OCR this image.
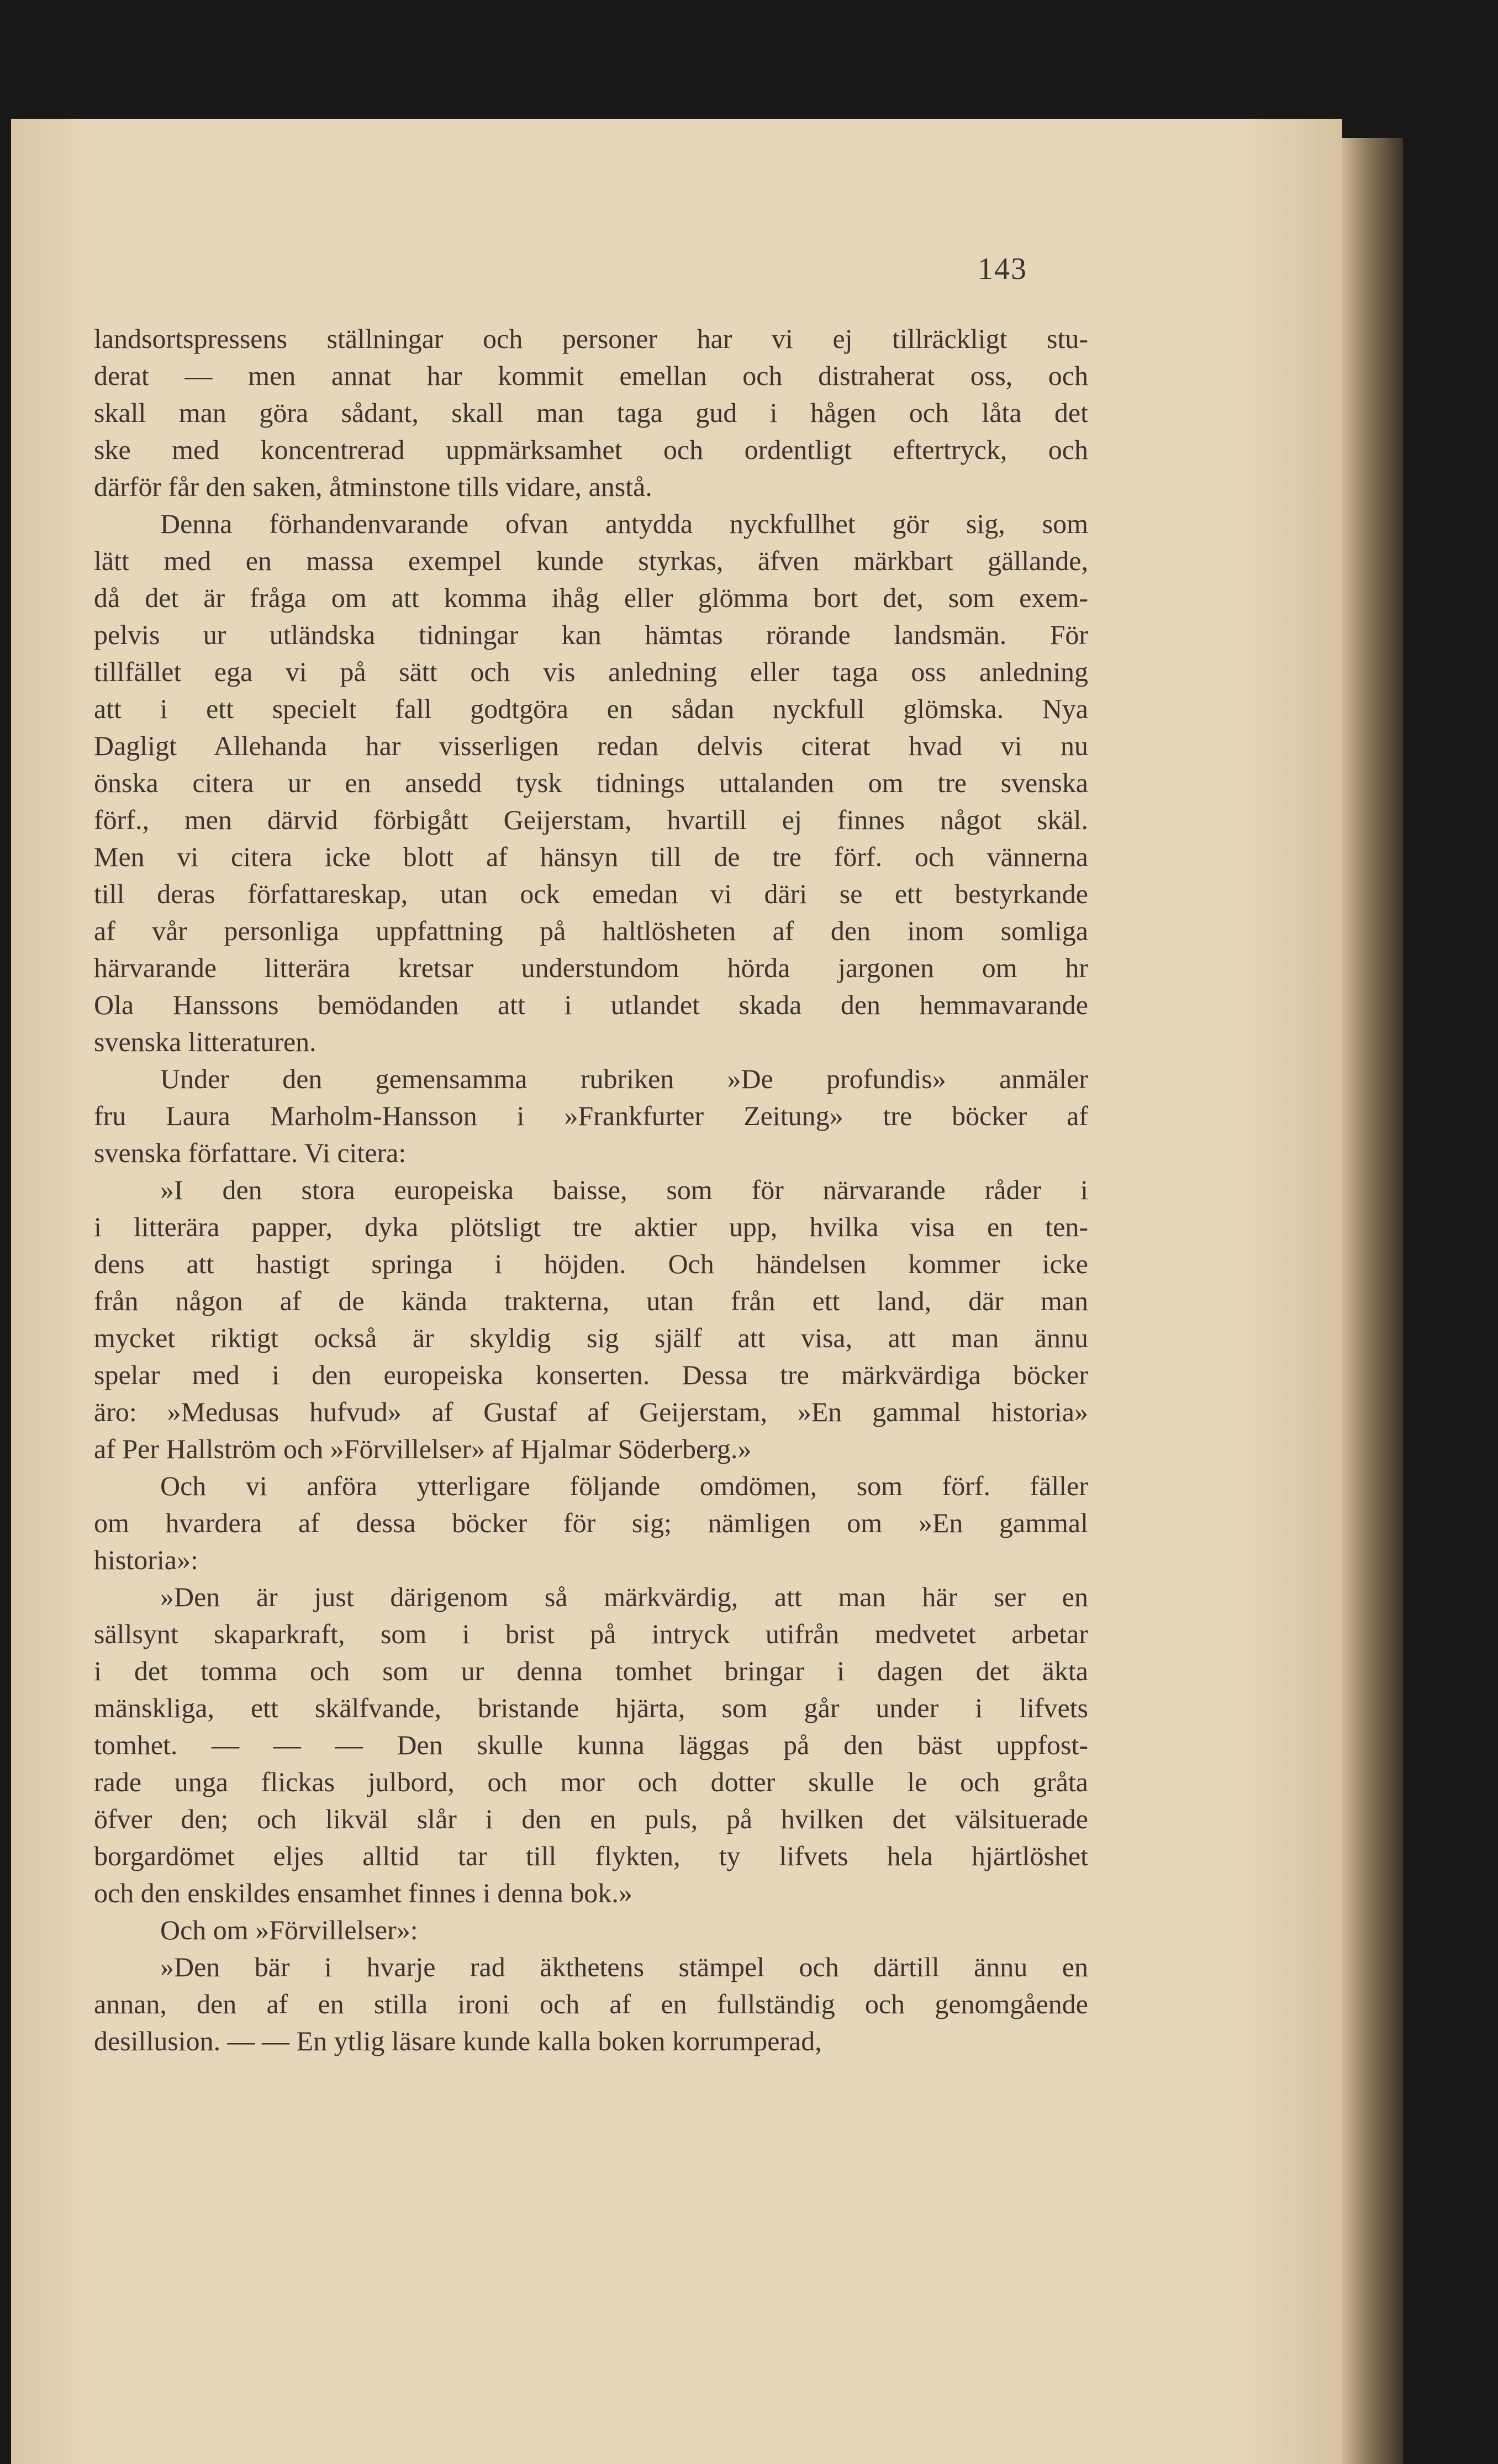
143
landsortspressens ställningar och personer har vi ej tillräckligt stu-
derat — men annat har kommit emellan och distraherat oss, och
skall man göra sådant, skall man taga gud i hågen och låta det
ske med koncentrerad uppmärksamhet och ordentligt eftertryck, och
därför får den saken, åtminstone tills vidare, anstå.
Denna förhandenvarande ofvan antydda nyckfullhet gör sig, som
lätt med en massa exempel kunde styrkas, äfven märkbart gällande,
då det är fråga om att komma ihåg eller glömma bort det, som exem-
pelvis ur utländska tidningar kan hämtas rörande landsmän. För
tillfället ega vi på sätt och vis anledning eller taga oss anledning
att i ett specielt fall godtgöra en sådan nyckfull glömska. Nya
Dagligt Allehanda har visserligen redan delvis citerat hvad vi nu
önska citera ur en ansedd tysk tidnings uttalanden om tre svenska
förf., men därvid förbigått Geijerstam, hvartill ej finnes något skäl.
Men vi citera icke blott af hänsyn till de tre förf. och vännerna
till deras författareskap, utan ock emedan vi däri se ett bestyrkande
af vår personliga uppfattning på haltlösheten af den inom somliga
härvarande litterära kretsar understundom hörda jargonen om hr
Ola Hanssons bemödanden att i utlandet skada den hemmavarande
svenska litteraturen.
Under den gemensamma rubriken »De profundis» anmäler
fru Laura Marholm-Hansson i »Frankfurter Zeitung» tre böcker af
svenska författare. Vi citera:
»I den stora europeiska baisse, som för närvarande råder i
i litterära papper, dyka plötsligt tre aktier upp, hvilka visa en ten-
dens att hastigt springa i höjden. Och händelsen kommer icke
från någon af de kända trakterna, utan från ett land, där man
mycket riktigt också är skyldig sig själf att visa, att man ännu
spelar med i den europeiska konserten. Dessa tre märkvärdiga böcker
äro: »Medusas hufvud» af Gustaf af Geijerstam, »En gammal historia»
af Per Hallström och »Förvillelser» af Hjalmar Söderberg.»
Och vi anföra ytterligare följande omdömen, som förf. fäller
om hvardera af dessa böcker för sig; nämligen om »En gammal
historia»:
»Den är just därigenom så märkvärdig, att man här ser en
sällsynt skaparkraft, som i brist på intryck utifrån medvetet arbetar
i det tomma och som ur denna tomhet bringar i dagen det äkta
mänskliga, ett skälfvande, bristande hjärta, som går under i lifvets
tomhet. — — — Den skulle kunna läggas på den bäst uppfost-
rade unga flickas julbord, och mor och dotter skulle le och gråta
öfver den; och likväl slår i den en puls, på hvilken det välsituerade
borgardömet eljes alltid tar till flykten, ty lifvets hela hjärtlöshet
och den enskildes ensamhet finnes i denna bok.»
Och om »Förvillelser»:
»Den bär i hvarje rad äkthetens stämpel och därtill ännu en
annan, den af en stilla ironi och af en fullständig och genomgående
desillusion. — — En ytlig läsare kunde kalla boken korrumperad,
